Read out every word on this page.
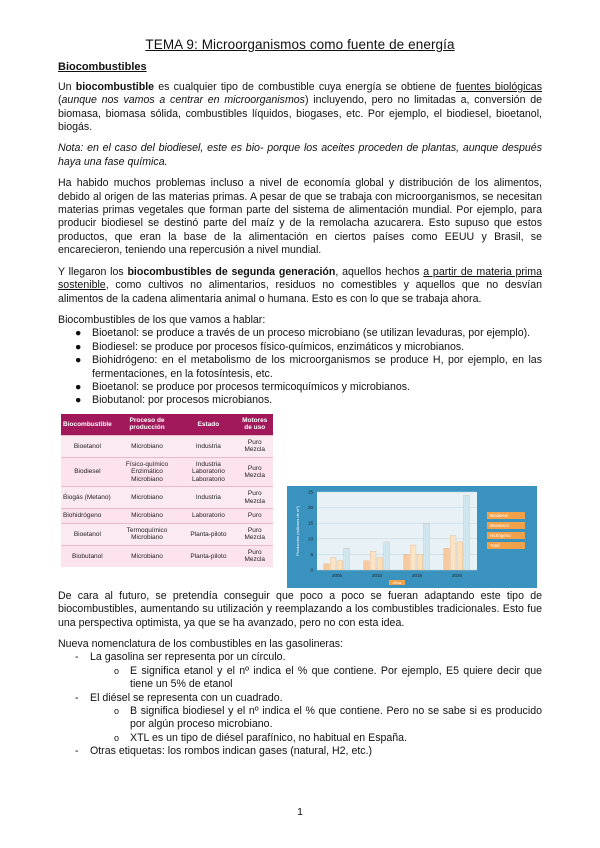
TEMA 9: Microorganismos como fuente de energía
Biocombustibles

Un biocombustible es cualquier tipo de combustible cuya energía se obtiene de fuentes biológicas (aunque nos vamos a centrar en microorganismos) incluyendo, pero no limitadas a, conversión de biomasa, biomasa sólida, combustibles líquidos, biogases, etc. Por ejemplo, el biodiesel, bioetanol, biogás.

Nota: en el caso del biodiesel, este es bio- porque los aceites proceden de plantas, aunque después haya una fase química.

Ha habido muchos problemas incluso a nivel de economía global y distribución de los alimentos, debido al origen de las materias primas. A pesar de que se trabaja con microorganismos, se necesitan materias primas vegetales que forman parte del sistema de alimentación mundial. Por ejemplo, para producir biodiesel se destinó parte del maíz y de la remolacha azucarera. Esto supuso que estos productos, que eran la base de la alimentación en ciertos países como EEUU y Brasil, se encarecieron, teniendo una repercusión a nivel mundial.

Y llegaron los biocombustibles de segunda generación, aquellos hechos a partir de materia prima sostenible, como cultivos no alimentarios, residuos no comestibles y aquellos que no desvían alimentos de la cadena alimentaria animal o humana. Esto es con lo que se trabaja ahora.

Biocombustibles de los que vamos a hablar:
● Bioetanol: se produce a través de un proceso microbiano (se utilizan levaduras, por ejemplo).
● Biodiesel: se produce por procesos físico-químicos, enzimáticos y microbianos.
● Biohidrógeno: en el metabolismo de los microorganismos se produce H, por ejemplo, en las fermentaciones, en la fotosíntesis, etc.
● Bioetanol: se produce por procesos termicoquímicos y microbianos.
● Biobutanol: por procesos microbianos.
Biocombustible	Proceso de producción	Estado	Motores de uso
Bioetanol	Microbiano	Industria	Puro Mezcla
Biodiesel	Físico-químico Enzimático Microbiano	Industria Laboratorio Laboratorio	Puro Mezcla
Biogás (Metano)	Microbiano	Industria	Puro Mezcla
Biohidrógeno	Microbiano	Laboratorio	Puro
Bioetanol	Termoquímico Microbiano	Planta-piloto	Puro Mezcla
Biobutanol	Microbiano	Planta-piloto	Puro Mezcla
Producción (millones de m³)
0
5
10
15
20
25
2005	2010	2015	2020
Años
Biodiesel
Bioetanol
Hidrógeno
Total

De cara al futuro, se pretendía conseguir que poco a poco se fueran adaptando este tipo de biocombustibles, aumentando su utilización y reemplazando a los combustibles tradicionales. Esto fue una perspectiva optimista, ya que se ha avanzado, pero no con esta idea.

Nueva nomenclatura de los combustibles en las gasolineras:
- La gasolina ser representa por un círculo.
o E significa etanol y el nº indica el % que contiene. Por ejemplo, E5 quiere decir que tiene un 5% de etanol
- El diésel se representa con un cuadrado.
o B significa biodiesel y el nº indica el % que contiene. Pero no se sabe si es producido por algún proceso microbiano.
o XTL es un tipo de diésel parafínico, no habitual en España.
- Otras etiquetas: los rombos indican gases (natural, H2, etc.)
1
